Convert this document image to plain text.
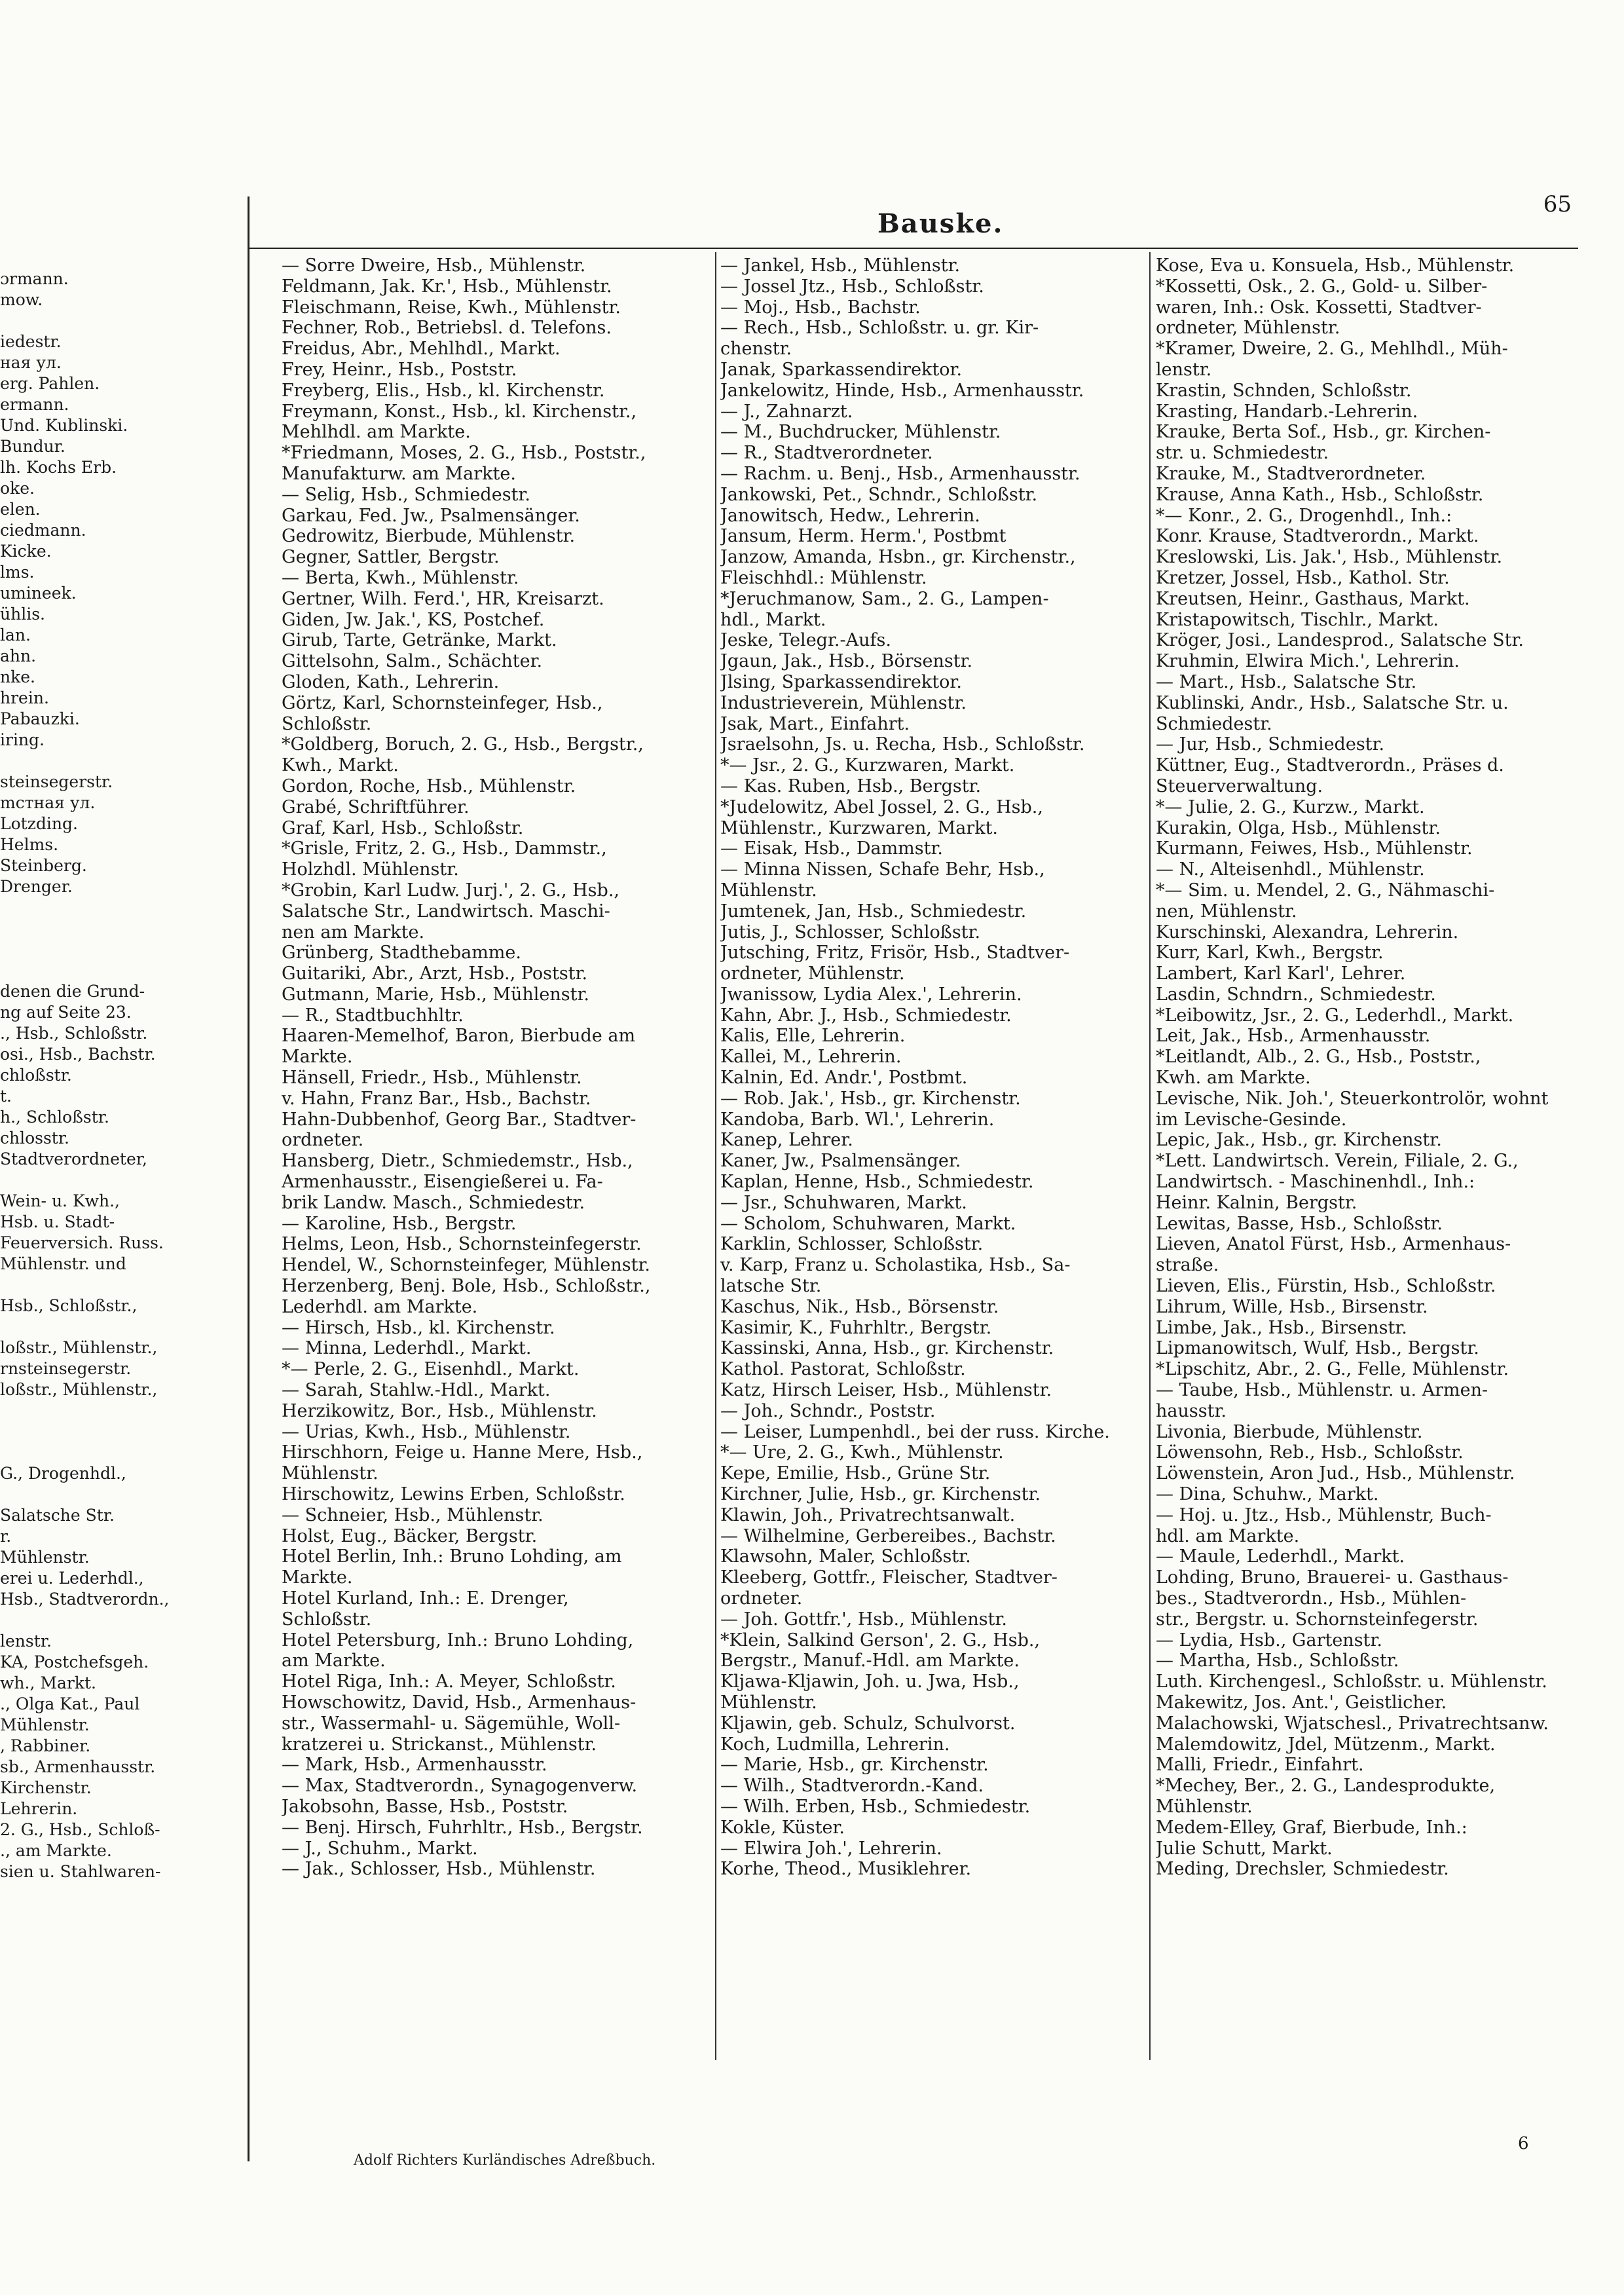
65
Bauske.
ɔrmann.
mow.

iedestr.
ная ул.
erg. Pahlen.
ermann.
Und. Kublinski.
Bundur.
lh. Kochs Erb.
oke.
elen.
ciedmann.
Kicke.
lms.
umineek.
ühlis.
lan.
ahn.
nke.
hrein.
Pabauzki.
iring.

steinsegerstr.
mстная ул.
Lotzding.
Helms.
Steinberg.
Drenger.

denen die Grund-
ng auf Seite 23.
., Hsb., Schloßstr.
osi., Hsb., Bachstr.
chloßstr.
t.
h., Schloßstr.
chlosstr.
Stadtverordneter,

Wein- u. Kwh.,
Hsb. u. Stadt-
Feuerversich. Russ.
Mühlenstr. und

Hsb., Schloßstr.,

loßstr., Mühlenstr.,
rnsteinsegerstr.
loßstr., Mühlenstr.,

G., Drogenhdl.,

Salatsche Str.
r.
Mühlenstr.
erei u. Lederhdl.,
Hsb., Stadtverordn.,

lenstr.
KA, Postchefsgeh.
wh., Markt.
., Olga Kat., Paul
Mühlenstr.
, Rabbiner.
sb., Armenhausstr.
Kirchenstr.
Lehrerin.
2. G., Hsb., Schloß-
., am Markte.
sien u. Stahlwaren-
— Sorre Dweire, Hsb., Mühlenstr.
Feldmann, Jak. Kr.', Hsb., Mühlenstr.
Fleischmann, Reise, Kwh., Mühlenstr.
Fechner, Rob., Betriebsl. d. Telefons.
Freidus, Abr., Mehlhdl., Markt.
Frey, Heinr., Hsb., Poststr.
Freyberg, Elis., Hsb., kl. Kirchenstr.
Freymann, Konst., Hsb., kl. Kirchenstr.,
Mehlhdl. am Markte.
*Friedmann, Moses, 2. G., Hsb., Poststr.,
Manufakturw. am Markte.
— Selig, Hsb., Schmiedestr.
Garkau, Fed. Jw., Psalmensänger.
Gedrowitz, Bierbude, Mühlenstr.
Gegner, Sattler, Bergstr.
— Berta, Kwh., Mühlenstr.
Gertner, Wilh. Ferd.', HR, Kreisarzt.
Giden, Jw. Jak.', KS, Postchef.
Girub, Tarte, Getränke, Markt.
Gittelsohn, Salm., Schächter.
Gloden, Kath., Lehrerin.
Görtz, Karl, Schornsteinfeger, Hsb.,
Schloßstr.
*Goldberg, Boruch, 2. G., Hsb., Bergstr.,
Kwh., Markt.
Gordon, Roche, Hsb., Mühlenstr.
Grabé, Schriftführer.
Graf, Karl, Hsb., Schloßstr.
*Grisle, Fritz, 2. G., Hsb., Dammstr.,
Holzhdl. Mühlenstr.
*Grobin, Karl Ludw. Jurj.', 2. G., Hsb.,
Salatsche Str., Landwirtsch. Maschi-
nen am Markte.
Grünberg, Stadthebamme.
Guitariki, Abr., Arzt, Hsb., Poststr.
Gutmann, Marie, Hsb., Mühlenstr.
— R., Stadtbuchhltr.
Haaren-Memelhof, Baron, Bierbude am
Markte.
Hänsell, Friedr., Hsb., Mühlenstr.
v. Hahn, Franz Bar., Hsb., Bachstr.
Hahn-Dubbenhof, Georg Bar., Stadtver-
ordneter.
Hansberg, Dietr., Schmiedemstr., Hsb.,
Armenhausstr., Eisengießerei u. Fa-
brik Landw. Masch., Schmiedestr.
— Karoline, Hsb., Bergstr.
Helms, Leon, Hsb., Schornsteinfegerstr.
Hendel, W., Schornsteinfeger, Mühlenstr.
Herzenberg, Benj. Bole, Hsb., Schloßstr.,
Lederhdl. am Markte.
— Hirsch, Hsb., kl. Kirchenstr.
— Minna, Lederhdl., Markt.
*— Perle, 2. G., Eisenhdl., Markt.
— Sarah, Stahlw.-Hdl., Markt.
Herzikowitz, Bor., Hsb., Mühlenstr.
— Urias, Kwh., Hsb., Mühlenstr.
Hirschhorn, Feige u. Hanne Mere, Hsb.,
Mühlenstr.
Hirschowitz, Lewins Erben, Schloßstr.
— Schneier, Hsb., Mühlenstr.
Holst, Eug., Bäcker, Bergstr.
Hotel Berlin, Inh.: Bruno Lohding, am
Markte.
Hotel Kurland, Inh.: E. Drenger,
Schloßstr.
Hotel Petersburg, Inh.: Bruno Lohding,
am Markte.
Hotel Riga, Inh.: A. Meyer, Schloßstr.
Howschowitz, David, Hsb., Armenhaus-
str., Wassermahl- u. Sägemühle, Woll-
kratzerei u. Strickanst., Mühlenstr.
— Mark, Hsb., Armenhausstr.
— Max, Stadtverordn., Synagogenverw.
Jakobsohn, Basse, Hsb., Poststr.
— Benj. Hirsch, Fuhrhltr., Hsb., Bergstr.
— J., Schuhm., Markt.
— Jak., Schlosser, Hsb., Mühlenstr.
— Jankel, Hsb., Mühlenstr.
— Jossel Jtz., Hsb., Schloßstr.
— Moj., Hsb., Bachstr.
— Rech., Hsb., Schloßstr. u. gr. Kir-
chenstr.
Janak, Sparkassendirektor.
Jankelowitz, Hinde, Hsb., Armenhausstr.
— J., Zahnarzt.
— M., Buchdrucker, Mühlenstr.
— R., Stadtverordneter.
— Rachm. u. Benj., Hsb., Armenhausstr.
Jankowski, Pet., Schndr., Schloßstr.
Janowitsch, Hedw., Lehrerin.
Jansum, Herm. Herm.', Postbmt
Janzow, Amanda, Hsbn., gr. Kirchenstr.,
Fleischhdl.: Mühlenstr.
*Jeruchmanow, Sam., 2. G., Lampen-
hdl., Markt.
Jeske, Telegr.-Aufs.
Jgaun, Jak., Hsb., Börsenstr.
Jlsing, Sparkassendirektor.
Industrieverein, Mühlenstr.
Jsak, Mart., Einfahrt.
Jsraelsohn, Js. u. Recha, Hsb., Schloßstr.
*— Jsr., 2. G., Kurzwaren, Markt.
— Kas. Ruben, Hsb., Bergstr.
*Judelowitz, Abel Jossel, 2. G., Hsb.,
Mühlenstr., Kurzwaren, Markt.
— Eisak, Hsb., Dammstr.
— Minna Nissen, Schafe Behr, Hsb.,
Mühlenstr.
Jumtenek, Jan, Hsb., Schmiedestr.
Jutis, J., Schlosser, Schloßstr.
Jutsching, Fritz, Frisör, Hsb., Stadtver-
ordneter, Mühlenstr.
Jwanissow, Lydia Alex.', Lehrerin.
Kahn, Abr. J., Hsb., Schmiedestr.
Kalis, Elle, Lehrerin.
Kallei, M., Lehrerin.
Kalnin, Ed. Andr.', Postbmt.
— Rob. Jak.', Hsb., gr. Kirchenstr.
Kandoba, Barb. Wl.', Lehrerin.
Kanep, Lehrer.
Kaner, Jw., Psalmensänger.
Kaplan, Henne, Hsb., Schmiedestr.
— Jsr., Schuhwaren, Markt.
— Scholom, Schuhwaren, Markt.
Karklin, Schlosser, Schloßstr.
v. Karp, Franz u. Scholastika, Hsb., Sa-
latsche Str.
Kaschus, Nik., Hsb., Börsenstr.
Kasimir, K., Fuhrhltr., Bergstr.
Kassinski, Anna, Hsb., gr. Kirchenstr.
Kathol. Pastorat, Schloßstr.
Katz, Hirsch Leiser, Hsb., Mühlenstr.
— Joh., Schndr., Poststr.
— Leiser, Lumpenhdl., bei der russ. Kirche.
*— Ure, 2. G., Kwh., Mühlenstr.
Kepe, Emilie, Hsb., Grüne Str.
Kirchner, Julie, Hsb., gr. Kirchenstr.
Klawin, Joh., Privatrechtsanwalt.
— Wilhelmine, Gerbereibes., Bachstr.
Klawsohn, Maler, Schloßstr.
Kleeberg, Gottfr., Fleischer, Stadtver-
ordneter.
— Joh. Gottfr.', Hsb., Mühlenstr.
*Klein, Salkind Gerson', 2. G., Hsb.,
Bergstr., Manuf.-Hdl. am Markte.
Kljawa-Kljawin, Joh. u. Jwa, Hsb.,
Mühlenstr.
Kljawin, geb. Schulz, Schulvorst.
Koch, Ludmilla, Lehrerin.
— Marie, Hsb., gr. Kirchenstr.
— Wilh., Stadtverordn.-Kand.
— Wilh. Erben, Hsb., Schmiedestr.
Kokle, Küster.
— Elwira Joh.', Lehrerin.
Korhe, Theod., Musiklehrer.
Kose, Eva u. Konsuela, Hsb., Mühlenstr.
*Kossetti, Osk., 2. G., Gold- u. Silber-
waren, Inh.: Osk. Kossetti, Stadtver-
ordneter, Mühlenstr.
*Kramer, Dweire, 2. G., Mehlhdl., Müh-
lenstr.
Krastin, Schnden, Schloßstr.
Krasting, Handarb.-Lehrerin.
Krauke, Berta Sof., Hsb., gr. Kirchen-
str. u. Schmiedestr.
Krauke, M., Stadtverordneter.
Krause, Anna Kath., Hsb., Schloßstr.
*— Konr., 2. G., Drogenhdl., Inh.:
Konr. Krause, Stadtverordn., Markt.
Kreslowski, Lis. Jak.', Hsb., Mühlenstr.
Kretzer, Jossel, Hsb., Kathol. Str.
Kreutsen, Heinr., Gasthaus, Markt.
Kristapowitsch, Tischlr., Markt.
Kröger, Josi., Landesprod., Salatsche Str.
Kruhmin, Elwira Mich.', Lehrerin.
— Mart., Hsb., Salatsche Str.
Kublinski, Andr., Hsb., Salatsche Str. u.
Schmiedestr.
— Jur, Hsb., Schmiedestr.
Küttner, Eug., Stadtverordn., Präses d.
Steuerverwaltung.
*— Julie, 2. G., Kurzw., Markt.
Kurakin, Olga, Hsb., Mühlenstr.
Kurmann, Feiwes, Hsb., Mühlenstr.
— N., Alteisenhdl., Mühlenstr.
*— Sim. u. Mendel, 2. G., Nähmaschi-
nen, Mühlenstr.
Kurschinski, Alexandra, Lehrerin.
Kurr, Karl, Kwh., Bergstr.
Lambert, Karl Karl', Lehrer.
Lasdin, Schndrn., Schmiedestr.
*Leibowitz, Jsr., 2. G., Lederhdl., Markt.
Leit, Jak., Hsb., Armenhausstr.
*Leitlandt, Alb., 2. G., Hsb., Poststr.,
Kwh. am Markte.
Levische, Nik. Joh.', Steuerkontrolör, wohnt
im Levische-Gesinde.
Lepic, Jak., Hsb., gr. Kirchenstr.
*Lett. Landwirtsch. Verein, Filiale, 2. G.,
Landwirtsch. - Maschinenhdl., Inh.:
Heinr. Kalnin, Bergstr.
Lewitas, Basse, Hsb., Schloßstr.
Lieven, Anatol Fürst, Hsb., Armenhaus-
straße.
Lieven, Elis., Fürstin, Hsb., Schloßstr.
Lihrum, Wille, Hsb., Birsenstr.
Limbe, Jak., Hsb., Birsenstr.
Lipmanowitsch, Wulf, Hsb., Bergstr.
*Lipschitz, Abr., 2. G., Felle, Mühlenstr.
— Taube, Hsb., Mühlenstr. u. Armen-
hausstr.
Livonia, Bierbude, Mühlenstr.
Löwensohn, Reb., Hsb., Schloßstr.
Löwenstein, Aron Jud., Hsb., Mühlenstr.
— Dina, Schuhw., Markt.
— Hoj. u. Jtz., Hsb., Mühlenstr, Buch-
hdl. am Markte.
— Maule, Lederhdl., Markt.
Lohding, Bruno, Brauerei- u. Gasthaus-
bes., Stadtverordn., Hsb., Mühlen-
str., Bergstr. u. Schornsteinfegerstr.
— Lydia, Hsb., Gartenstr.
— Martha, Hsb., Schloßstr.
Luth. Kirchengesl., Schloßstr. u. Mühlenstr.
Makewitz, Jos. Ant.', Geistlicher.
Malachowski, Wjatschesl., Privatrechtsanw.
Malemdowitz, Jdel, Mützenm., Markt.
Malli, Friedr., Einfahrt.
*Mechey, Ber., 2. G., Landesprodukte,
Mühlenstr.
Medem-Elley, Graf, Bierbude, Inh.:
Julie Schutt, Markt.
Meding, Drechsler, Schmiedestr.
Adolf Richters Kurländisches Adreßbuch.
6
